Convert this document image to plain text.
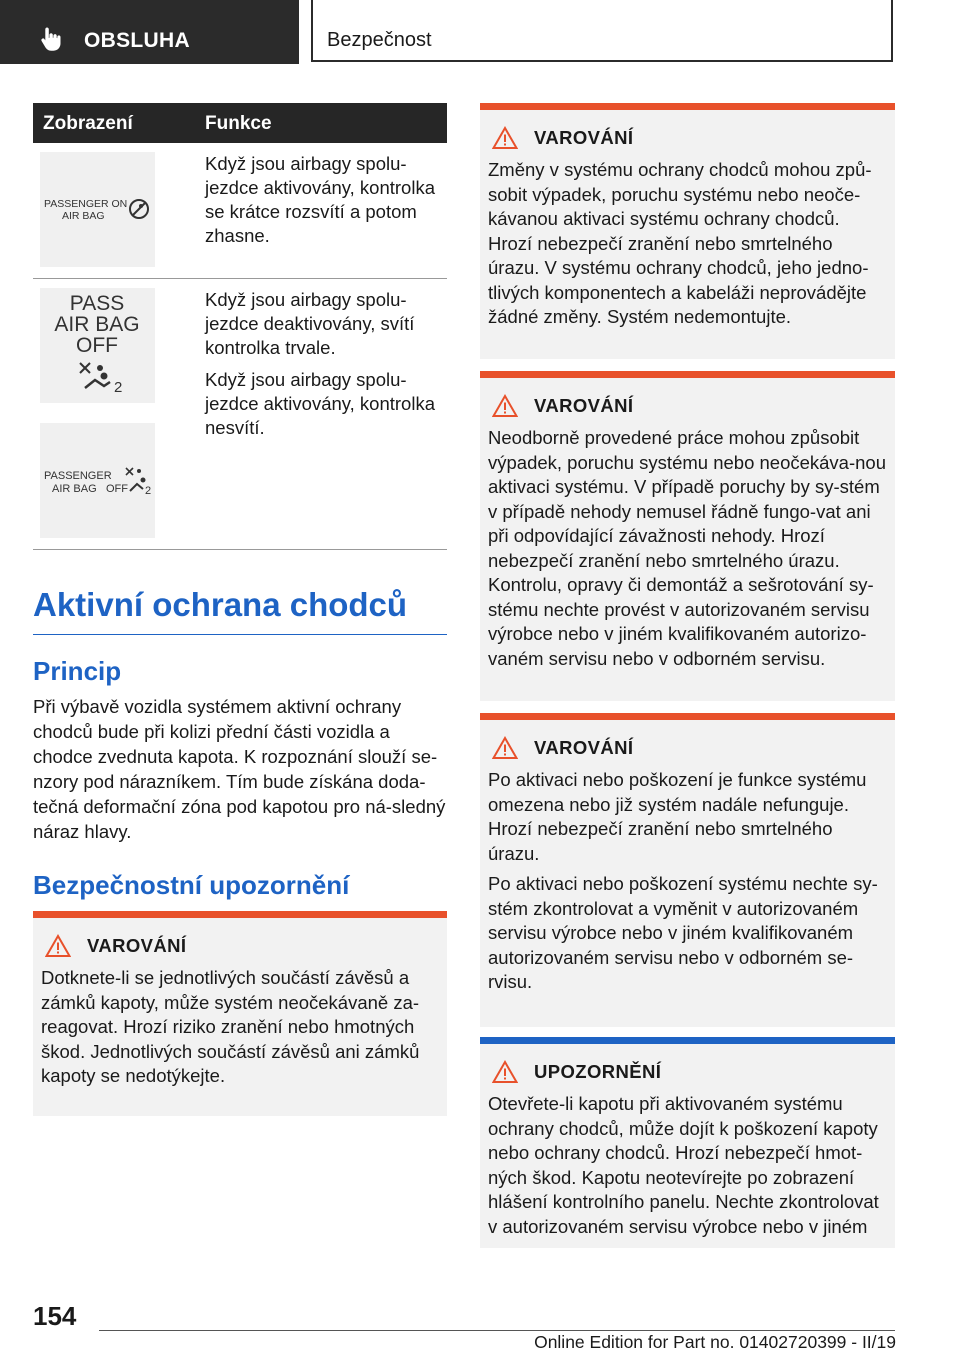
OBSLUHA	Bezpečnost
Zobrazení	Funkce
PASSENGER ON
AIR BAG

Když jsou airbagy spolu‐jezdce aktivovány, kontrolka se krátce rozsvítí a potom zhasne.

PASS
AIR BAG
OFF
2
PASSENGER
AIR BAG OFF 2

Když jsou airbagy spolu‐jezdce deaktivovány, svítí kontrolka trvale.

Když jsou airbagy spolu‐jezdce aktivovány, kontrolka nesvítí.

Aktivní ochrana chodců
Princip
Při výbavě vozidla systémem aktivní ochrany chodců bude při kolizi přední části vozidla a chodce zvednuta kapota. K rozpoznání slouží se‐nzory pod nárazníkem. Tím bude získána doda‐tečná deformační zóna pod kapotou pro ná‐sledný náraz hlavy.
Bezpečnostní upozornění
VAROVÁNÍ

Dotknete-li se jednotlivých součástí závěsů a zámků kapoty, může systém neočekávaně za‐reagovat. Hrozí riziko zranění nebo hmotných škod. Jednotlivých součástí závěsů ani zámků kapoty se nedotýkejte.

VAROVÁNÍ

Změny v systému ochrany chodců mohou způ‐sobit výpadek, poruchu systému nebo neoče‐kávanou aktivaci systému ochrany chodců. Hrozí nebezpečí zranění nebo smrtelného úrazu. V systému ochrany chodců, jeho jedno‐tlivých komponentech a kabeláži neprovádějte žádné změny. Systém nedemontujte.

VAROVÁNÍ

Neodborně provedené práce mohou způsobit výpadek, poruchu systému nebo neočekáva‐nou aktivaci systému. V případě poruchy by sy‐stém v případě nehody nemusel řádně fungo‐vat ani při odpovídající závažnosti nehody. Hrozí nebezpečí zranění nebo smrtelného úrazu. Kontrolu, opravy či demontáž a sešrotování sy‐stému nechte provést v autorizovaném servisu výrobce nebo v jiném kvalifikovaném autorizo‐vaném servisu nebo v odborném servisu.

VAROVÁNÍ

Po aktivaci nebo poškození je funkce systému omezena nebo již systém nadále nefunguje. Hrozí nebezpečí zranění nebo smrtelného úrazu.

Po aktivaci nebo poškození systému nechte sy‐stém zkontrolovat a vyměnit v autorizovaném servisu výrobce nebo v jiném kvalifikovaném autorizovaném servisu nebo v odborném se‐rvisu.

UPOZORNĚNÍ

Otevřete-li kapotu při aktivovaném systému ochrany chodců, může dojít k poškození kapoty nebo ochrany chodců. Hrozí nebezpečí hmot‐ných škod. Kapotu neotevírejte po zobrazení hlášení kontrolního panelu. Nechte zkontrolovat v autorizovaném servisu výrobce nebo v jiném

154
Online Edition for Part no. 01402720399 - II/19
